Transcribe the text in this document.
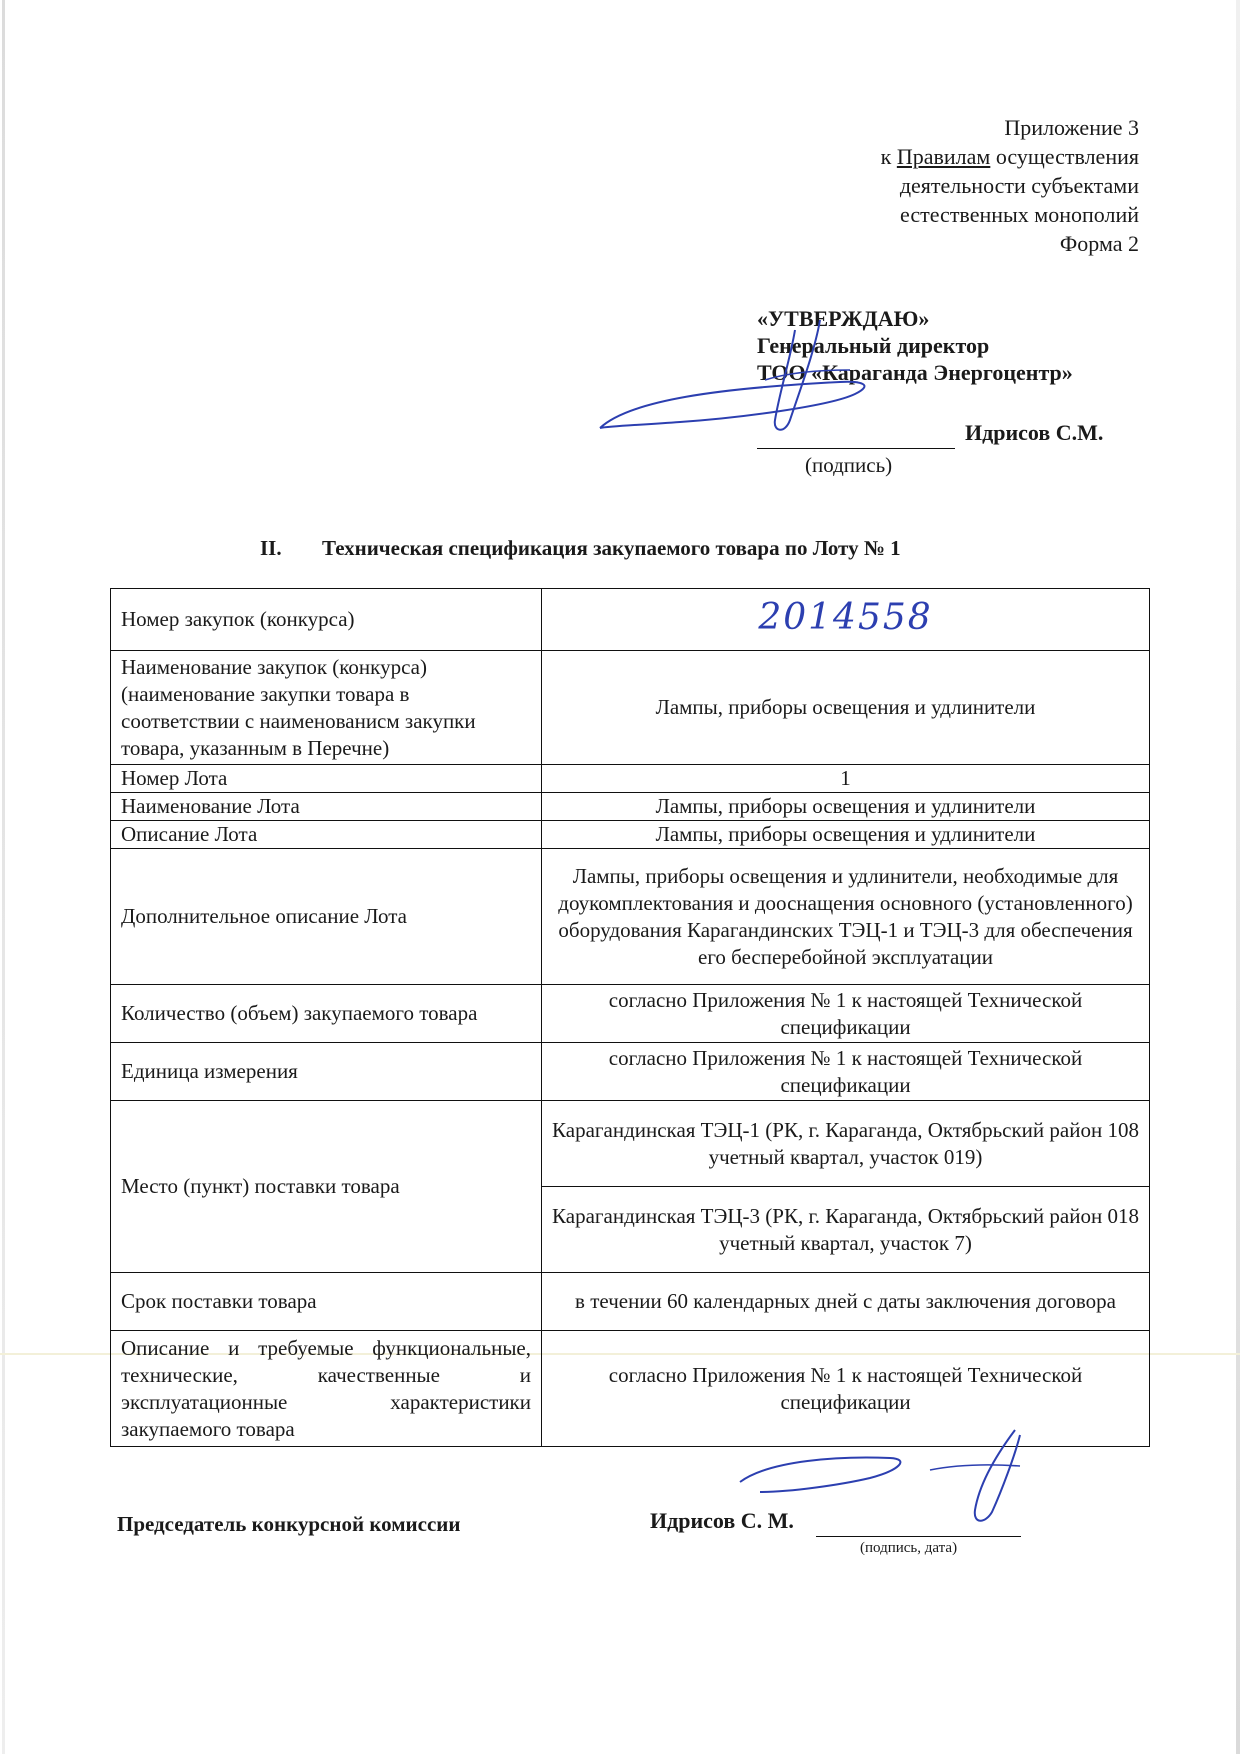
Приложение 3
к Правилам осуществления
деятельности субъектами
естественных монополий
Форма 2
«УТВЕРЖДАЮ»
Генеральный директор
ТОО «Караганда Энергоцентр»
Идрисов С.М.
(подпись)
II. Техническая спецификация закупаемого товара по Лоту № 1
Номер закупок (конкурса)	2014558
Наименование закупок (конкурса) (наименование закупки товара в соответствии с наименованисм закупки товара, указанным в Перечне)	Лампы, приборы освещения и удлинители
Номер Лота	1
Наименование Лота	Лампы, приборы освещения и удлинители
Описание Лота	Лампы, приборы освещения и удлинители
Дополнительное описание Лота	Лампы, приборы освещения и удлинители, необходимые для доукомплектования и дооснащения основного (установленного) оборудования Карагандинских ТЭЦ-1 и ТЭЦ-3 для обеспечения его бесперебойной эксплуатации
Количество (объем) закупаемого товара	согласно Приложения № 1 к настоящей Технической спецификации
Единица измерения	согласно Приложения № 1 к настоящей Технической спецификации
Место (пункт) поставки товара	Карагандинская ТЭЦ-1 (РК, г. Караганда, Октябрьский район 108 учетный квартал, участок 019)
	Карагандинская ТЭЦ-3 (РК, г. Караганда, Октябрьский район 018 учетный квартал, участок 7)
Срок поставки товара	в течении 60 календарных дней с даты заключения договора
Описание и требуемые функциональные, технические, качественные и эксплуатационные характеристики закупаемого товара	согласно Приложения № 1 к настоящей Технической спецификации
Председатель конкурсной комиссии	Идрисов С. М.
(подпись, дата)
